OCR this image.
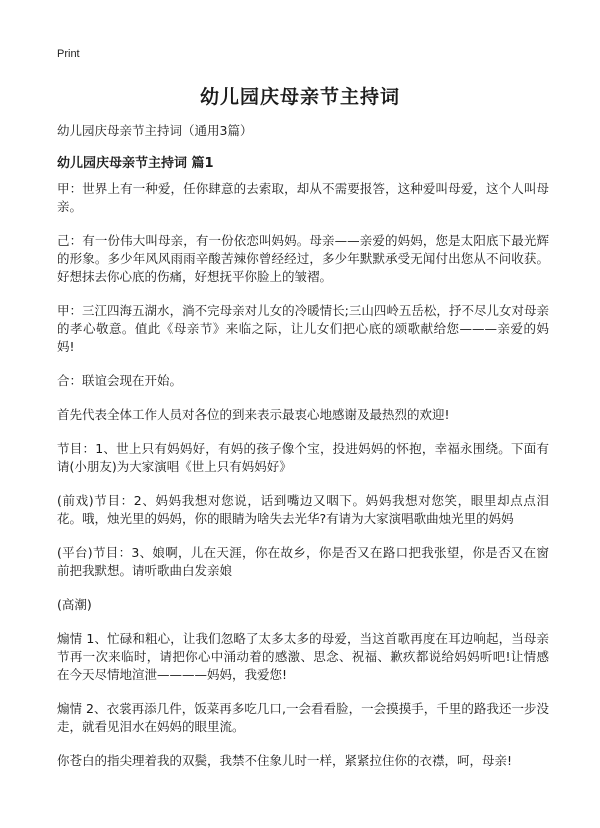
Print
幼儿园庆母亲节主持词
幼儿园庆母亲节主持词（通用3篇）
幼儿园庆母亲节主持词 篇1

甲：世界上有一种爱，任你肆意的去索取，却从不需要报答，这种爱叫母爱，这个人叫母亲。

己：有一份伟大叫母亲，有一份依恋叫妈妈。母亲——亲爱的妈妈，您是太阳底下最光辉的形象。多少年风风雨雨辛酸苦辣你曾经经过，多少年默默承受无闻付出您从不问收获。好想抹去你心底的伤痛，好想抚平你脸上的皱褶。

甲：三江四海五湖水，淌不完母亲对儿女的冷暖情长;三山四岭五岳松，抒不尽儿女对母亲的孝心敬意。值此《母亲节》来临之际，让儿女们把心底的颂歌献给您———亲爱的妈妈!

合：联谊会现在开始。

首先代表全体工作人员对各位的到来表示最衷心地感谢及最热烈的欢迎!

节目：1、世上只有妈妈好，有妈的孩子像个宝，投进妈妈的怀抱，幸福永围绕。下面有请(小朋友)为大家演唱《世上只有妈妈好》

(前戏)节目：2、妈妈我想对您说，话到嘴边又咽下。妈妈我想对您笑，眼里却点点泪花。哦，烛光里的妈妈，你的眼睛为啥失去光华?有请为大家演唱歌曲烛光里的妈妈

(平台)节目：3、娘啊，儿在天涯，你在故乡，你是否又在路口把我张望，你是否又在窗前把我默想。请听歌曲白发亲娘

(高潮)

煽情 1、忙碌和粗心，让我们忽略了太多太多的母爱，当这首歌再度在耳边响起，当母亲节再一次来临时，请把你心中涌动着的感激、思念、祝福、歉疚都说给妈妈听吧!让情感在今天尽情地渲泄————妈妈，我爱您!

煽情 2、衣裳再添几件，饭菜再多吃几口,一会看看脸，一会摸摸手，千里的路我还一步没走，就看见泪水在妈妈的眼里流。

你苍白的指尖理着我的双鬓，我禁不住象儿时一样，紧紧拉住你的衣襟，呵，母亲!
